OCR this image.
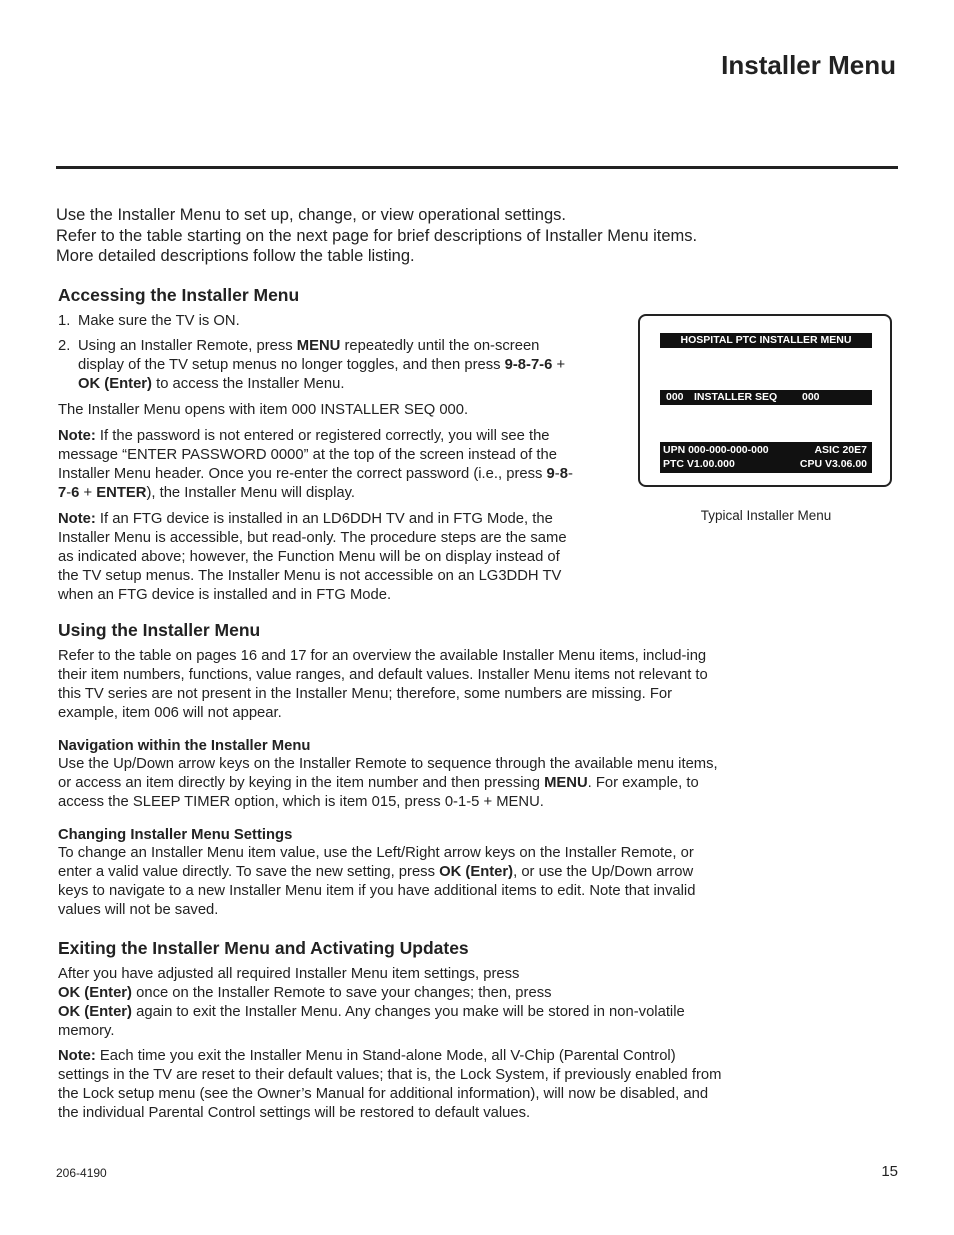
Installer Menu
Use the Installer Menu to set up, change, or view operational settings.
Refer to the table starting on the next page for brief descriptions of Installer Menu items.
More detailed descriptions follow the table listing.
Accessing the Installer Menu
1. Make sure the TV is ON.
2. Using an Installer Remote, press MENU repeatedly until the on-screen display of the TV setup menus no longer toggles, and then press 9-8-7-6 + OK (Enter) to access the Installer Menu.

The Installer Menu opens with item 000 INSTALLER SEQ 000.

Note: If the password is not entered or registered correctly, you will see the message “ENTER PASSWORD 0000” at the top of the screen instead of the Installer Menu header. Once you re-enter the correct password (i.e., press 9-8-7-6 + ENTER), the Installer Menu will display.

Note: If an FTG device is installed in an LD6DDH TV and in FTG Mode, the Installer Menu is accessible, but read-only. The procedure steps are the same as indicated above; however, the Function Menu will be on display instead of the TV setup menus. The Installer Menu is not accessible on an LG3DDH TV when an FTG device is installed and in FTG Mode.

HOSPITAL PTC INSTALLER MENU
000 INSTALLER SEQ 000
UPN 000-000-000-000	ASIC 20E7
PTC V1.00.000	CPU V3.06.00
Typical Installer Menu
Using the Installer Menu

Refer to the table on pages 16 and 17 for an overview the available Installer Menu items, includ-ing their item numbers, functions, value ranges, and default values. Installer Menu items not relevant to this TV series are not present in the Installer Menu; therefore, some numbers are missing. For example, item 006 will not appear.

Navigation within the Installer Menu

Use the Up/Down arrow keys on the Installer Remote to sequence through the available menu items, or access an item directly by keying in the item number and then pressing MENU. For example, to access the SLEEP TIMER option, which is item 015, press 0-1-5 + MENU.

Changing Installer Menu Settings

To change an Installer Menu item value, use the Left/Right arrow keys on the Installer Remote, or enter a valid value directly. To save the new setting, press OK (Enter), or use the Up/Down arrow keys to navigate to a new Installer Menu item if you have additional items to edit. Note that invalid values will not be saved.

Exiting the Installer Menu and Activating Updates

After you have adjusted all required Installer Menu item settings, press
OK (Enter) once on the Installer Remote to save your changes; then, press
OK (Enter) again to exit the Installer Menu. Any changes you make will be stored in non-volatile memory.

Note: Each time you exit the Installer Menu in Stand-alone Mode, all V-Chip (Parental Control) settings in the TV are reset to their default values; that is, the Lock System, if previously enabled from the Lock setup menu (see the Owner’s Manual for additional information), will now be disabled, and the individual Parental Control settings will be restored to default values.

206-4190	15
